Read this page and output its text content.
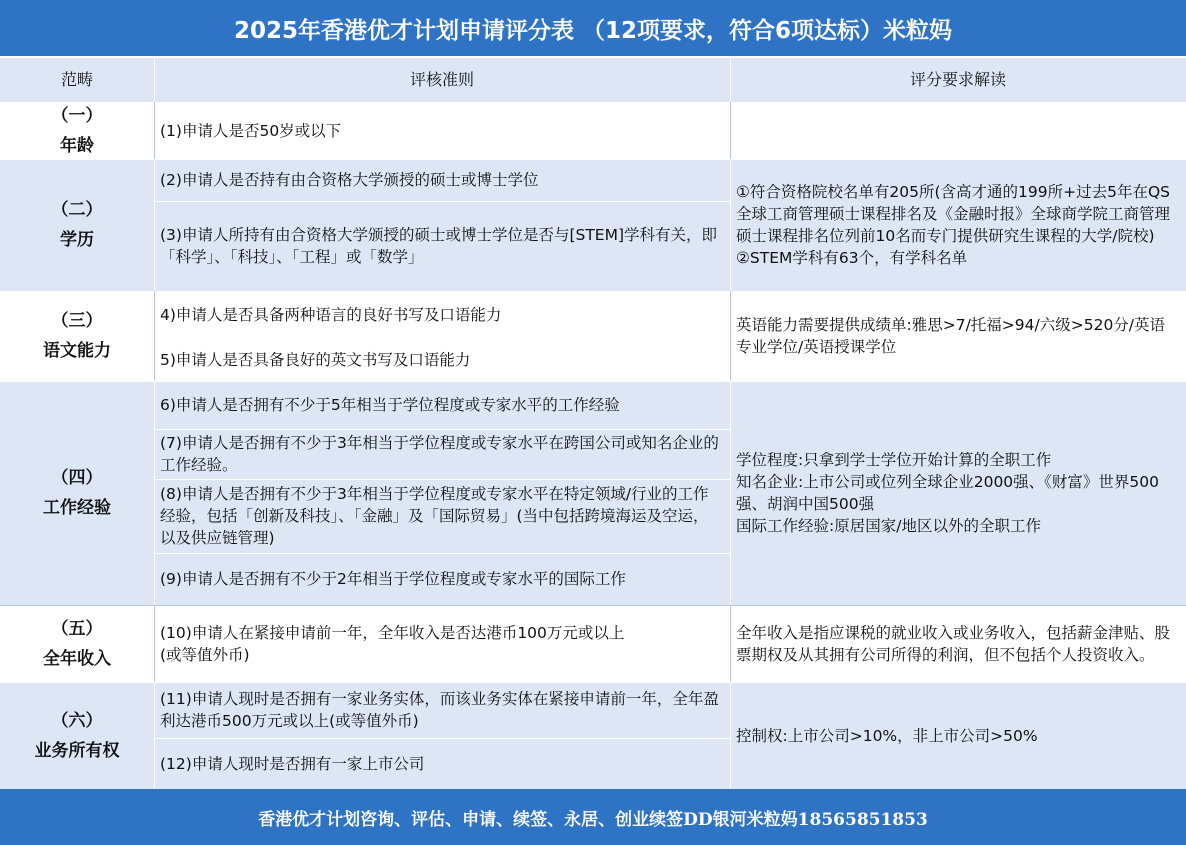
2025年香港优才计划申请评分表 （12项要求，符合6项达标）米粒妈
范畴	评核准则	评分要求解读
（一）
年龄
(1)申请人是否50岁或以下
（二）
学历
(2)申请人是否持有由合资格大学颁授的硕士或博士学位
(3)申请人所持有由合资格大学颁授的硕士或博士学位是否与[STEM]学科有关，即「科学」、「科技」、「工程」或「数学」
①符合资格院校名单有205所(含高才通的199所+过去5年在QS全球工商管理硕士课程排名及《金融时报》全球商学院工商管理硕士课程排名位列前10名而专门提供研究生课程的大学/院校)
②STEM学科有63个，有学科名单
（三）
语文能力
4)申请人是否具备两种语言的良好书写及口语能力
5)申请人是否具备良好的英文书写及口语能力
英语能力需要提供成绩单:雅思>7/托福>94/六级>520分/英语专业学位/英语授课学位
（四）
工作经验
6)申请人是否拥有不少于5年相当于学位程度或专家水平的工作经验
(7)申请人是否拥有不少于3年相当于学位程度或专家水平在跨国公司或知名企业的工作经验。
(8)申请人是否拥有不少于3年相当于学位程度或专家水平在特定领域/行业的工作经验，包括「创新及科技」、「金融」及「国际贸易」(当中包括跨境海运及空运，以及供应链管理)
(9)申请人是否拥有不少于2年相当于学位程度或专家水平的国际工作
学位程度:只拿到学士学位开始计算的全职工作
知名企业:上市公司或位列全球企业2000强、《财富》世界500强、胡润中国500强
国际工作经验:原居国家/地区以外的全职工作
（五）
全年收入
(10)申请人在紧接申请前一年，全年收入是否达港币100万元或以上
(或等值外币)
全年收入是指应课税的就业收入或业务收入，包括薪金津贴、股票期权及从其拥有公司所得的利润，但不包括个人投资收入。
（六）
业务所有权
(11)申请人现时是否拥有一家业务实体，而该业务实体在紧接申请前一年，全年盈利达港币500万元或以上(或等值外币)
(12)申请人现时是否拥有一家上市公司
控制权:上市公司>10%，非上市公司>50%
香港优才计划咨询、评估、申请、续签、永居、创业续签DD银河米粒妈18565851853
